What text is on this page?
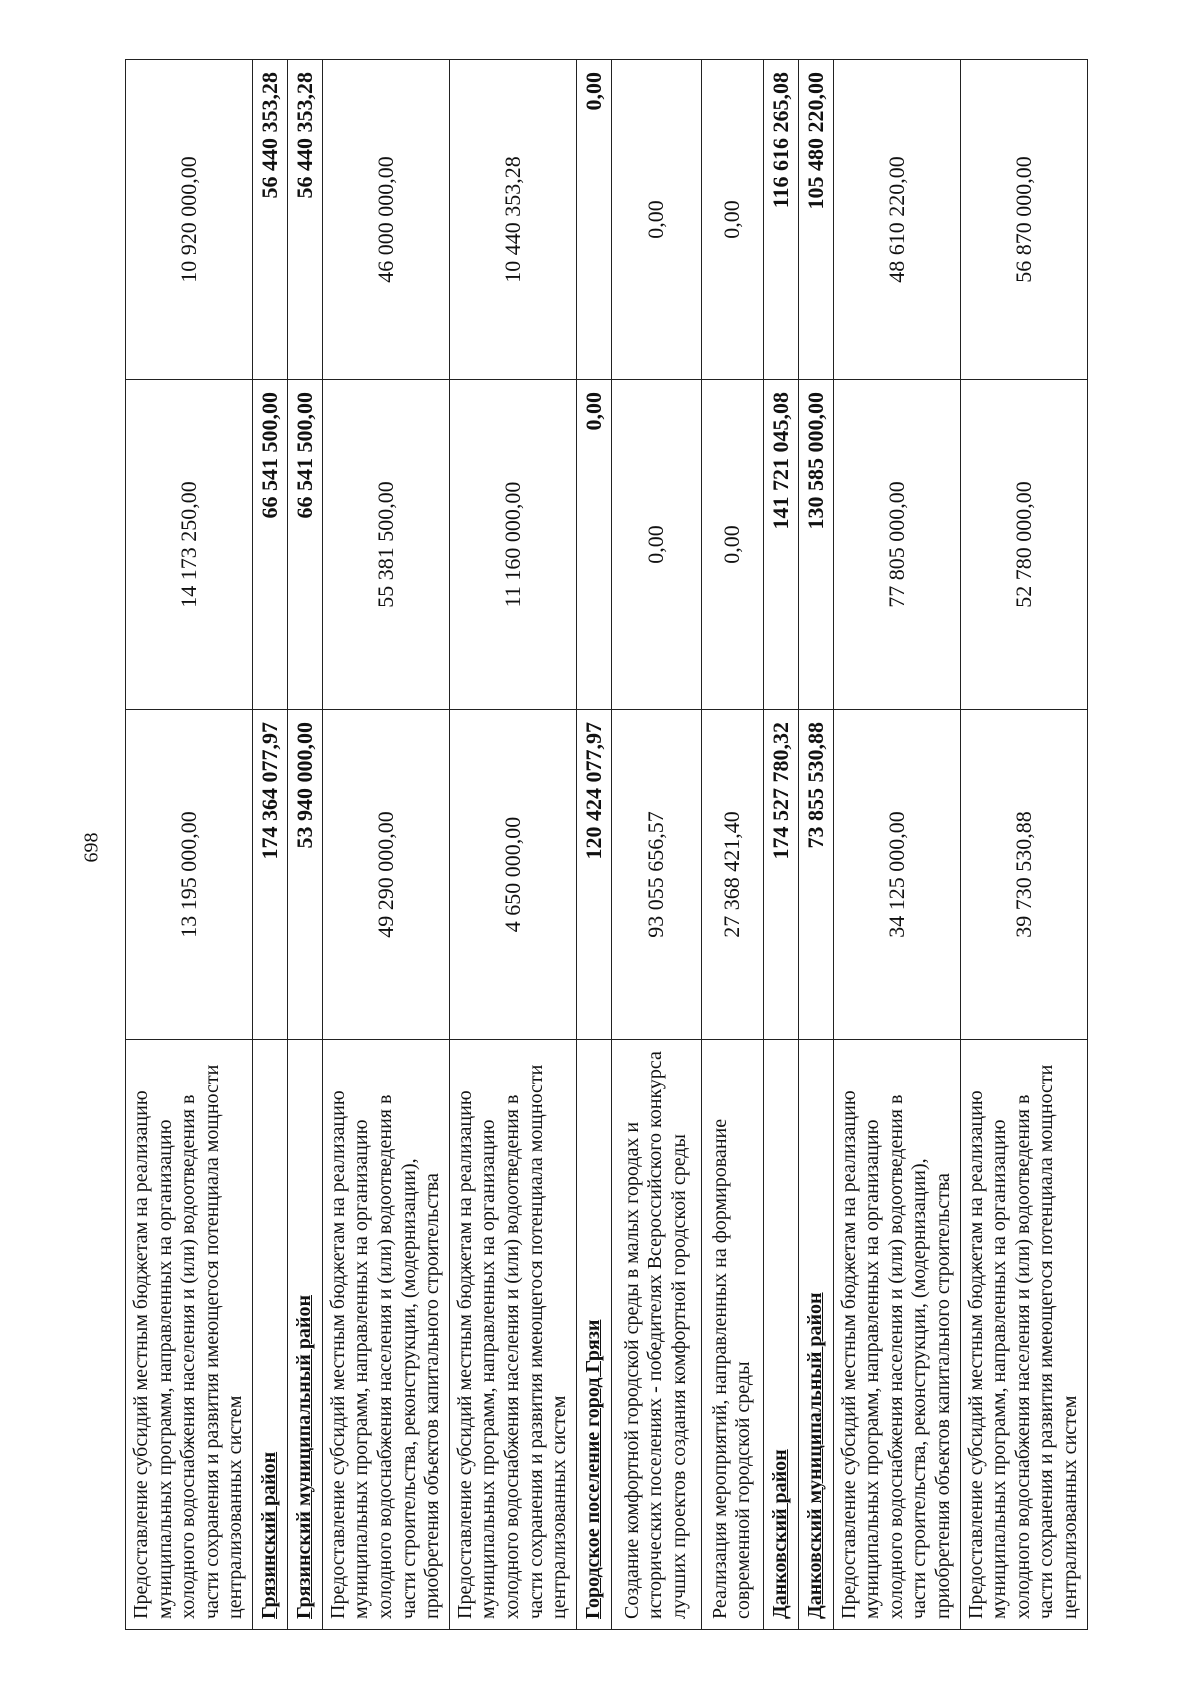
698
Предоставление субсидий местным бюджетам на реализацию муниципальных программ, направленных на организацию холодного водоснабжения населения и (или) водоотведения в части сохранения и развития имеющегося потенциала мощности централизованных систем	13 195 000,00	14 173 250,00	10 920 000,00
Грязинский район	174 364 077,97	66 541 500,00	56 440 353,28
Грязинский муниципальный район	53 940 000,00	66 541 500,00	56 440 353,28
Предоставление субсидий местным бюджетам на реализацию муниципальных программ, направленных на организацию холодного водоснабжения населения и (или) водоотведения в части строительства, реконструкции, (модернизации), приобретения объектов капитального строительства	49 290 000,00	55 381 500,00	46 000 000,00
Предоставление субсидий местным бюджетам на реализацию муниципальных программ, направленных на организацию холодного водоснабжения населения и (или) водоотведения в части сохранения и развития имеющегося потенциала мощности централизованных систем	4 650 000,00	11 160 000,00	10 440 353,28
Городское поселение город Грязи	120 424 077,97	0,00	0,00
Создание комфортной городской среды в малых городах и исторических поселениях - победителях Всероссийского конкурса лучших проектов создания комфортной городской среды	93 055 656,57	0,00	0,00
Реализация мероприятий, направленных на формирование современной городской среды	27 368 421,40	0,00	0,00
Данковский район	174 527 780,32	141 721 045,08	116 616 265,08
Данковский муниципальный район	73 855 530,88	130 585 000,00	105 480 220,00
Предоставление субсидий местным бюджетам на реализацию муниципальных программ, направленных на организацию холодного водоснабжения населения и (или) водоотведения в части строительства, реконструкции, (модернизации), приобретения объектов капитального строительства	34 125 000,00	77 805 000,00	48 610 220,00
Предоставление субсидий местным бюджетам на реализацию муниципальных программ, направленных на организацию холодного водоснабжения населения и (или) водоотведения в части сохранения и развития имеющегося потенциала мощности централизованных систем	39 730 530,88	52 780 000,00	56 870 000,00
